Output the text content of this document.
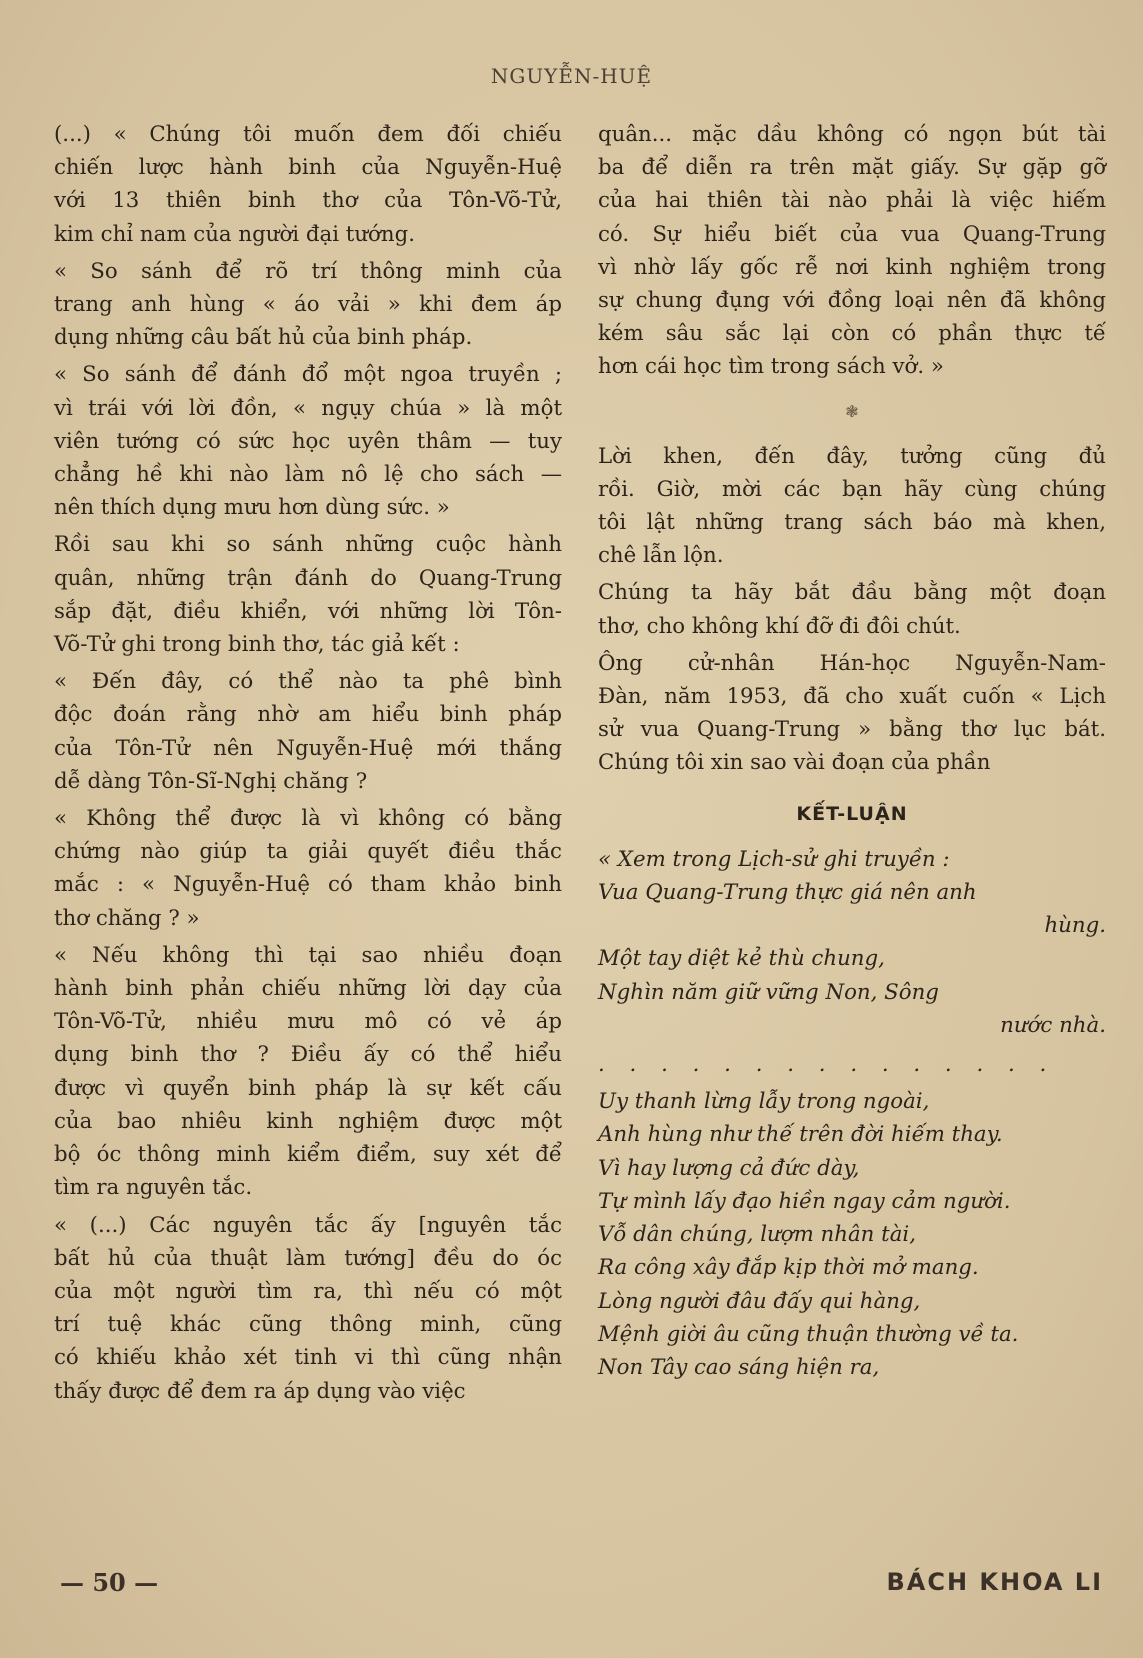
NGUYỄN-HUỆ
(...) « Chúng tôi muốn đem đối chiếu
chiến lược hành binh của Nguyễn-Huệ
với 13 thiên binh thơ của Tôn-Võ-Tử,
kim chỉ nam của người đại tướng.
« So sánh để rõ trí thông minh của
trang anh hùng « áo vải » khi đem áp
dụng những câu bất hủ của binh pháp.
« So sánh để đánh đổ một ngoa truyền ;
vì trái với lời đồn, « ngụy chúa » là một
viên tướng có sức học uyên thâm — tuy
chẳng hề khi nào làm nô lệ cho sách —
nên thích dụng mưu hơn dùng sức. »
Rồi sau khi so sánh những cuộc hành
quân, những trận đánh do Quang-Trung
sắp đặt, điều khiển, với những lời Tôn-
Võ-Tử ghi trong binh thơ, tác giả kết :
« Đến đây, có thể nào ta phê bình
độc đoán rằng nhờ am hiểu binh pháp
của Tôn-Tử nên Nguyễn-Huệ mới thắng
dễ dàng Tôn-Sĩ-Nghị chăng ?
« Không thể được là vì không có bằng
chứng nào giúp ta giải quyết điều thắc
mắc : « Nguyễn-Huệ có tham khảo binh
thơ chăng ? »
« Nếu không thì tại sao nhiều đoạn
hành binh phản chiếu những lời dạy của
Tôn-Võ-Tử, nhiều mưu mô có vẻ áp
dụng binh thơ ? Điều ấy có thể hiểu
được vì quyển binh pháp là sự kết cấu
của bao nhiêu kinh nghiệm được một
bộ óc thông minh kiểm điểm, suy xét để
tìm ra nguyên tắc.
« (...) Các nguyên tắc ấy [nguyên tắc
bất hủ của thuật làm tướng] đều do óc
của một người tìm ra, thì nếu có một
trí tuệ khác cũng thông minh, cũng
có khiếu khảo xét tinh vi thì cũng nhận
thấy được để đem ra áp dụng vào việc
quân... mặc dầu không có ngọn bút tài
ba để diễn ra trên mặt giấy. Sự gặp gỡ
của hai thiên tài nào phải là việc hiếm
có. Sự hiểu biết của vua Quang-Trung
vì nhờ lấy gốc rễ nơi kinh nghiệm trong
sự chung đụng với đồng loại nên đã không
kém sâu sắc lại còn có phần thực tế
hơn cái học tìm trong sách vở. »
❃
Lời khen, đến đây, tưởng cũng đủ
rồi. Giờ, mời các bạn hãy cùng chúng
tôi lật những trang sách báo mà khen,
chê lẫn lộn.
Chúng ta hãy bắt đầu bằng một đoạn
thơ, cho không khí đỡ đi đôi chút.
Ông cử-nhân Hán-học Nguyễn-Nam-
Đàn, năm 1953, đã cho xuất cuốn « Lịch
sử vua Quang-Trung » bằng thơ lục bát.
Chúng tôi xin sao vài đoạn của phần
KẾT-LUẬN
« Xem trong Lịch-sử ghi truyền :
Vua Quang-Trung thực giá nên anh
hùng.
Một tay diệt kẻ thù chung,
Nghìn năm giữ vững Non, Sông
nước nhà.
. . . . . . . . . . . . . . .
Uy thanh lừng lẫy trong ngoài,
Anh hùng như thế trên đời hiếm thay.
Vì hay lượng cả đức dày,
Tự mình lấy đạo hiền ngay cảm người.
Vỗ dân chúng, lượm nhân tài,
Ra công xây đắp kịp thời mở mang.
Lòng người đâu đấy qui hàng,
Mệnh giời âu cũng thuận thường về ta.
Non Tây cao sáng hiện ra,
— 50 —	BÁCH KHOA LI
